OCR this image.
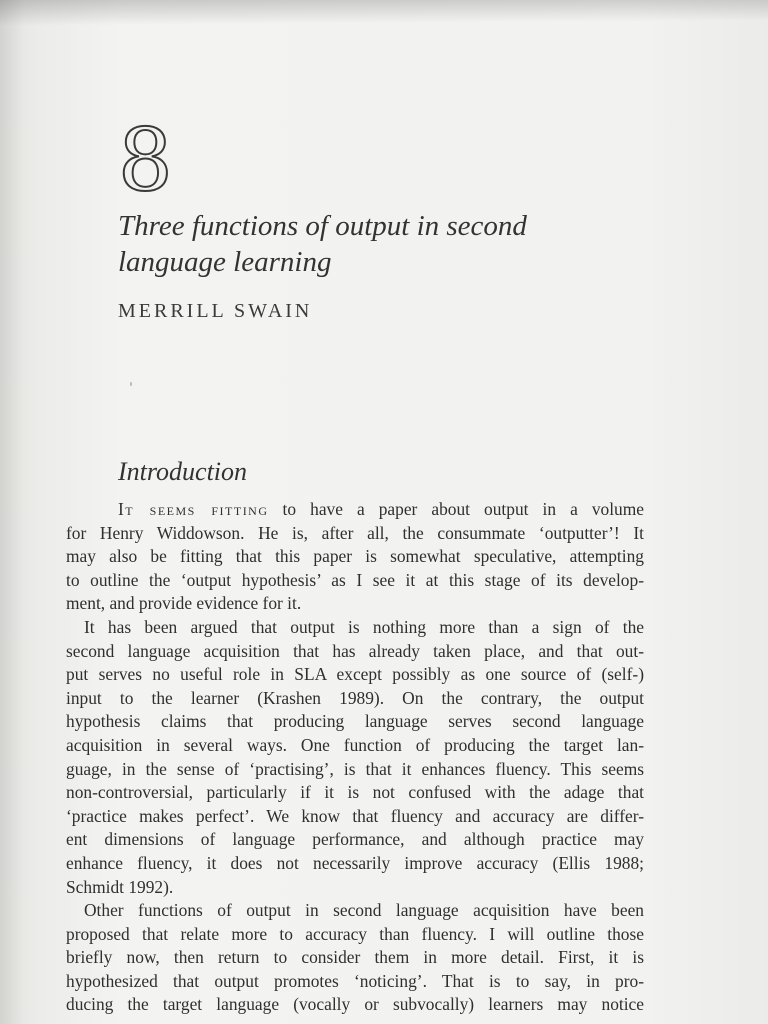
8
Three functions of output in second
language learning

MERRILL SWAIN

Introduction
It seems fitting to have a paper about output in a volume
for Henry Widdowson. He is, after all, the consummate ‘outputter’! It
may also be fitting that this paper is somewhat speculative, attempting
to outline the ‘output hypothesis’ as I see it at this stage of its develop-
ment, and provide evidence for it.
It has been argued that output is nothing more than a sign of the
second language acquisition that has already taken place, and that out-
put serves no useful role in SLA except possibly as one source of (self-)
input to the learner (Krashen 1989). On the contrary, the output
hypothesis claims that producing language serves second language
acquisition in several ways. One function of producing the target lan-
guage, in the sense of ‘practising’, is that it enhances fluency. This seems
non-controversial, particularly if it is not confused with the adage that
‘practice makes perfect’. We know that fluency and accuracy are differ-
ent dimensions of language performance, and although practice may
enhance fluency, it does not necessarily improve accuracy (Ellis 1988;
Schmidt 1992).
Other functions of output in second language acquisition have been
proposed that relate more to accuracy than fluency. I will outline those
briefly now, then return to consider them in more detail. First, it is
hypothesized that output promotes ‘noticing’. That is to say, in pro-
ducing the target language (vocally or subvocally) learners may notice
